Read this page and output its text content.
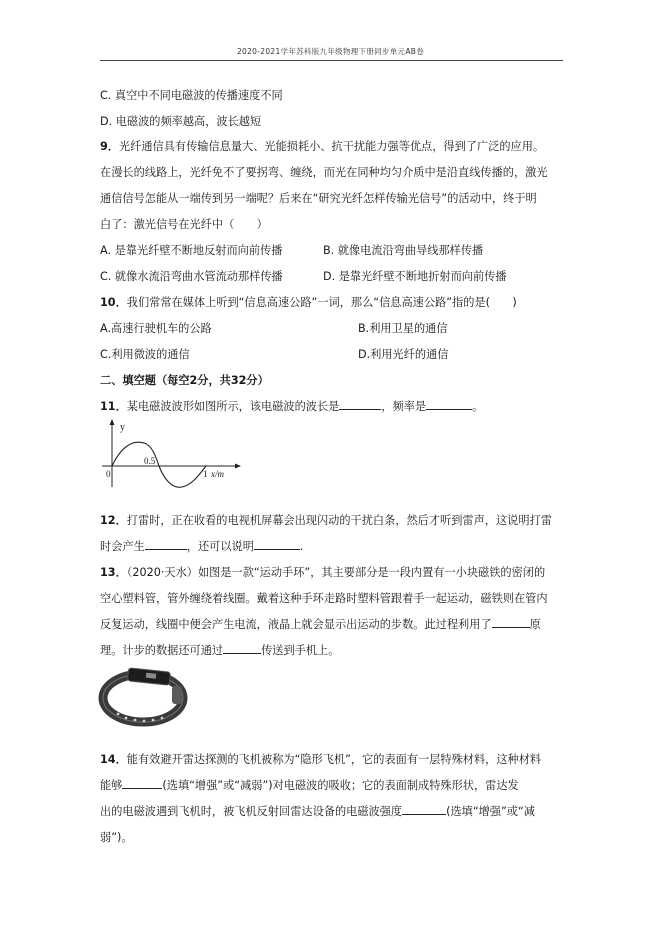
2020-2021学年苏科版九年级物理下册同步单元AB卷
C. 真空中不同电磁波的传播速度不同
D. 电磁波的频率越高，波长越短
9．光纤通信具有传输信息量大、光能损耗小、抗干扰能力强等优点，得到了广泛的应用。
在漫长的线路上，光纤免不了要拐弯、缠绕，而光在同种均匀介质中是沿直线传播的，激光
通信信号怎能从一端传到另一端呢？后来在“研究光纤怎样传输光信号”的活动中，终于明
白了：激光信号在光纤中（　　）
A. 是靠光纤壁不断地反射而向前传播	B. 就像电流沿弯曲导线那样传播
C. 就像水流沿弯曲水管流动那样传播	D. 是靠光纤壁不断地折射而向前传播
10．我们常常在媒体上听到“信息高速公路”一词，那么“信息高速公路”指的是(　　)
A.高速行驶机车的公路	B.利用卫星的通信
C.利用微波的通信	D.利用光纤的通信
二、填空题（每空2分，共32分）
11．某电磁波波形如图所示，该电磁波的波长是	，频率是	。
y
0
0.5
1 x/m
12．打雷时，正在收看的电视机屏幕会出现闪动的干扰白条，然后才听到雷声，这说明打雷
时会产生	，还可以说明	.
13．（2020·天水）如图是一款“运动手环”，其主要部分是一段内置有一小块磁铁的密闭的
空心塑料管，管外缠绕着线圈。戴着这种手环走路时塑料管跟着手一起运动，磁铁则在管内
反复运动，线圈中便会产生电流，液晶上就会显示出运动的步数。此过程利用了	原
理。计步的数据还可通过	传送到手机上。
14．能有效避开雷达探测的飞机被称为“隐形飞机”，它的表面有一层特殊材料，这种材料
能够	(选填“增强”或“减弱”)对电磁波的吸收；它的表面制成特殊形状，雷达发
出的电磁波遇到飞机时，被飞机反射回雷达设备的电磁波强度	(选填“增强”或“减
弱”)。
